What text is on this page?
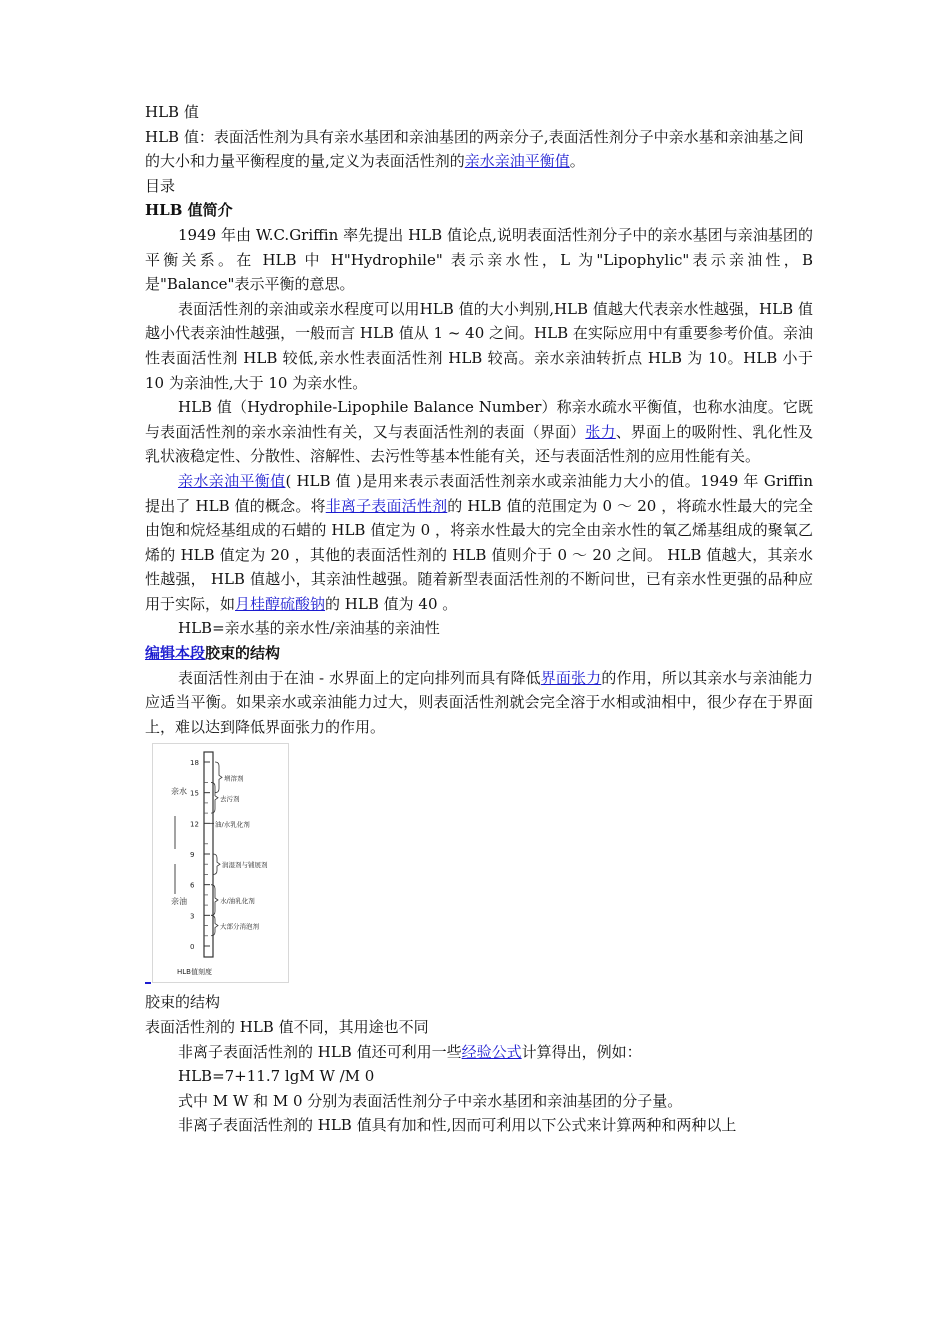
HLB 值
HLB 值：表面活性剂为具有亲水基团和亲油基团的两亲分子,表面活性剂分子中亲水基和亲油基之间的大小和力量平衡程度的量,定义为表面活性剂的亲水亲油平衡值。
目录
HLB 值简介
1949 年由 W.C.Griffin 率先提出 HLB 值论点,说明表面活性剂分子中的亲水基团与亲油基团的平衡关系。在 HLB 中 H"Hydrophile" 表示亲水性，L 为"Lipophylic"表示亲油性，B 是"Balance"表示平衡的意思。
表面活性剂的亲油或亲水程度可以用HLB 值的大小判别,HLB 值越大代表亲水性越强，HLB 值越小代表亲油性越强，一般而言 HLB 值从 1 ~ 40 之间。HLB 在实际应用中有重要参考价值。亲油性表面活性剂 HLB 较低,亲水性表面活性剂 HLB 较高。亲水亲油转折点 HLB 为 10。HLB 小于 10 为亲油性,大于 10 为亲水性。
HLB 值（Hydrophile-Lipophile Balance Number）称亲水疏水平衡值，也称水油度。它既与表面活性剂的亲水亲油性有关，又与表面活性剂的表面（界面）张力、界面上的吸附性、乳化性及乳状液稳定性、分散性、溶解性、去污性等基本性能有关，还与表面活性剂的应用性能有关。
亲水亲油平衡值( HLB 值 )是用来表示表面活性剂亲水或亲油能力大小的值。1949 年 Griffin 提出了 HLB 值的概念。将非离子表面活性剂的 HLB 值的范围定为 0 ～ 20 ，将疏水性最大的完全由饱和烷烃基组成的石蜡的 HLB 值定为 0 ，将亲水性最大的完全由亲水性的氧乙烯基组成的聚氧乙烯的 HLB 值定为 20 ，其他的表面活性剂的 HLB 值则介于 0 ～ 20 之间。 HLB 值越大，其亲水性越强， HLB 值越小，其亲油性越强。随着新型表面活性剂的不断问世，已有亲水性更强的品种应用于实际，如月桂醇硫酸钠的 HLB 值为 40 。
HLB=亲水基的亲水性/亲油基的亲油性
编辑本段胶束的结构
表面活性剂由于在油 - 水界面上的定向排列而具有降低界面张力的作用，所以其亲水与亲油能力应适当平衡。如果亲水或亲油能力过大，则表面活性剂就会完全溶于水相或油相中，很少存在于界面上，难以达到降低界面张力的作用。
亲水
亲油
18
15
12
9
6
3
0
增溶剂
去污剂
油/水乳化剂
润湿剂与铺展剂
水/油乳化剂
大部分消泡剂
HLB值刻度
胶束的结构
表面活性剂的 HLB 值不同，其用途也不同
非离子表面活性剂的 HLB 值还可利用一些经验公式计算得出，例如：
HLB=7+11.7 lgM W /M 0
式中 M W 和 M 0 分别为表面活性剂分子中亲水基团和亲油基团的分子量。
非离子表面活性剂的 HLB 值具有加和性,因而可利用以下公式来计算两种和两种以上
